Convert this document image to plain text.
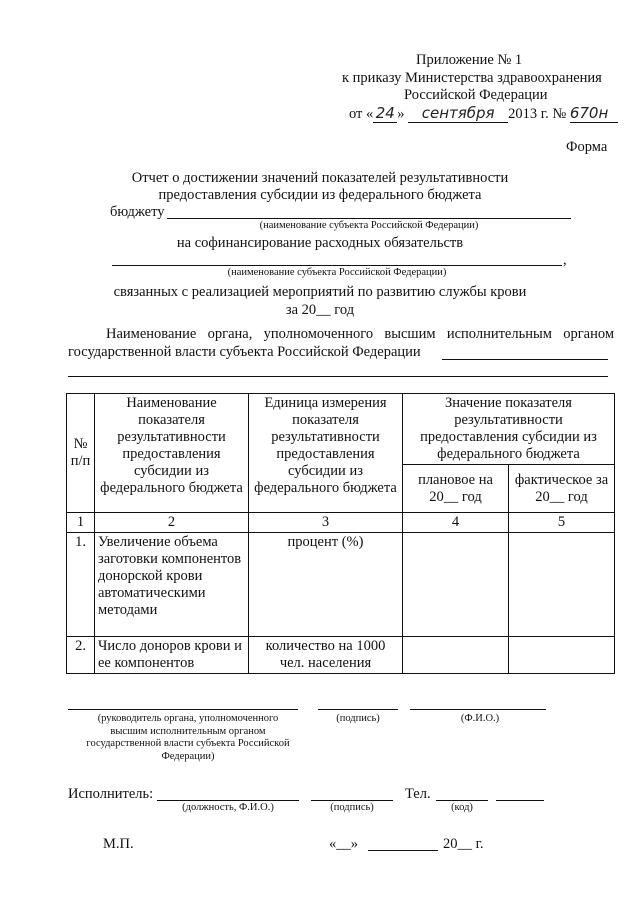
Приложение № 1
к приказу Министерства здравоохранения
Российской Федерации
от « 24 » сентября 2013 г. № 670н
Форма
Отчет о достижении значений показателей результативности
предоставления субсидии из федерального бюджета
бюджету
(наименование субъекта Российской Федерации)
на софинансирование расходных обязательств
,
(наименование субъекта Российской Федерации)
связанных с реализацией мероприятий по развитию службы крови
за 20__ год
Наименование органа, уполномоченного высшим исполнительным органом
государственной власти субъекта Российской Федерации
№ п/п	Наименование показателя результативности предоставления субсидии из федерального бюджета	Единица измерения показателя результативности предоставления субсидии из федерального бюджета	Значение показателя результативности предоставления субсидии из федерального бюджета	
			плановое на 20__ год	фактическое за 20__ год
1	2	3	4	5
1.	Увеличение объема заготовки компонентов донорской крови автоматическими методами	процент (%)		
2.	Число доноров крови и ее компонентов	количество на 1000 чел. населения		
(руководитель органа, уполномоченного высшим исполнительным органом государственной власти субъекта Российской Федерации)
(подпись)	(Ф.И.О.)
Исполнитель:	Тел.
(должность, Ф.И.О.)	(подпись)	(код)
М.П.	«__»	20__ г.
